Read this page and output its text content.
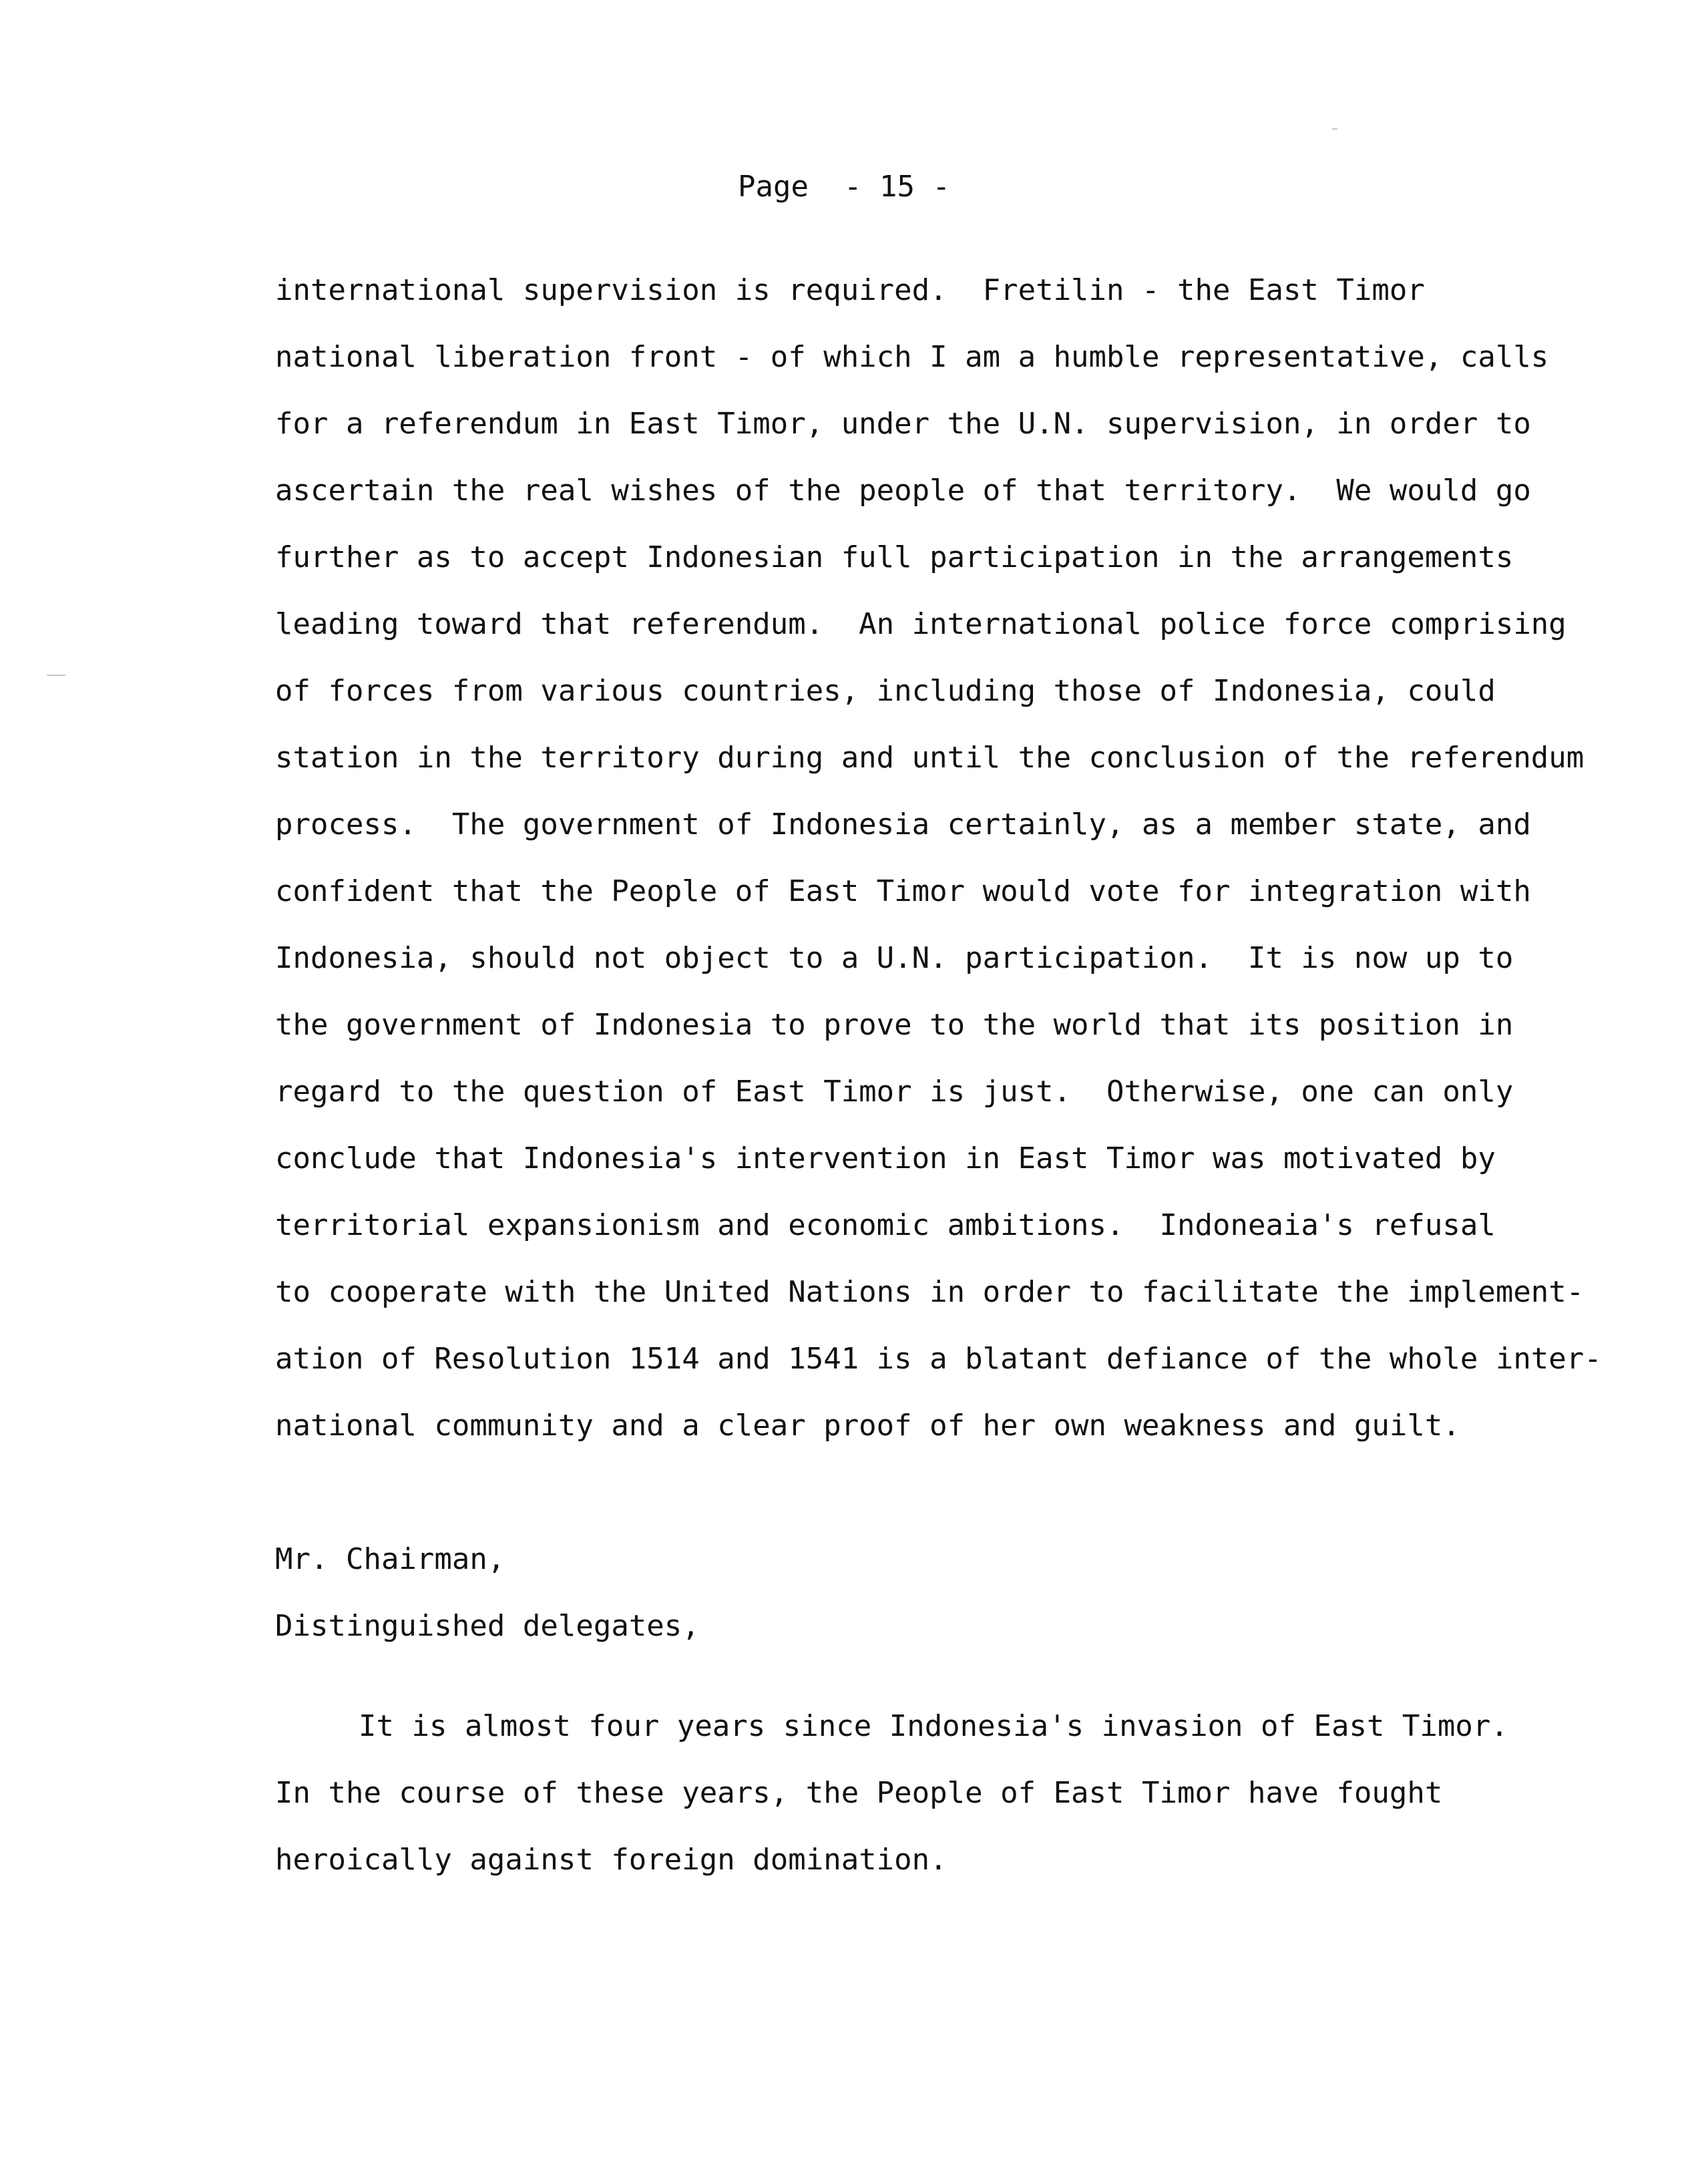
Page  - 15 -
international supervision is required.  Fretilin - the East Timor
national liberation front - of which I am a humble representative, calls
for a referendum in East Timor, under the U.N. supervision, in order to
ascertain the real wishes of the people of that territory.  We would go
further as to accept Indonesian full participation in the arrangements
leading toward that referendum.  An international police force comprising
of forces from various countries, including those of Indonesia, could
station in the territory during and until the conclusion of the referendum
process.  The government of Indonesia certainly, as a member state, and
confident that the People of East Timor would vote for integration with
Indonesia, should not object to a U.N. participation.  It is now up to
the government of Indonesia to prove to the world that its position in
regard to the question of East Timor is just.  Otherwise, one can only
conclude that Indonesia's intervention in East Timor was motivated by
territorial expansionism and economic ambitions.  Indoneaia's refusal
to cooperate with the United Nations in order to facilitate the implement-
ation of Resolution 1514 and 1541 is a blatant defiance of the whole inter-
national community and a clear proof of her own weakness and guilt.
Mr. Chairman,
Distinguished delegates,
It is almost four years since Indonesia's invasion of East Timor.
In the course of these years, the People of East Timor have fought
heroically against foreign domination.
